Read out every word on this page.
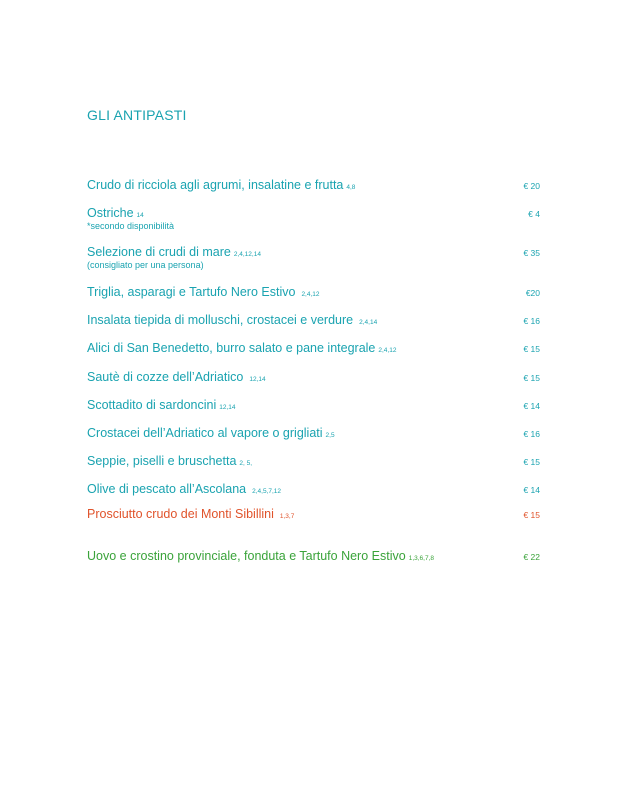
GLI ANTIPASTI
Crudo di ricciola agli agrumi, insalatine e frutta 4,8	€ 20
Ostriche 14	€ 4
*secondo disponibilità
Selezione di crudi di mare 2,4,12,14	€ 35
(consigliato per una persona)
Triglia, asparagi e Tartufo Nero Estivo 2,4,12	€20
Insalata tiepida di molluschi, crostacei e verdure 2,4,14	€ 16
Alici di San Benedetto, burro salato e pane integrale 2,4,12	€ 15
Sautè di cozze dell’Adriatico 12,14	€ 15
Scottadito di sardoncini 12,14	€ 14
Crostacei dell’Adriatico al vapore o grigliati 2,5	€ 16
Seppie, piselli e bruschetta 2, 5,	€ 15
Olive di pescato all’Ascolana 2,4,5,7,12	€ 14
Prosciutto crudo dei Monti Sibillini 1,3,7	€ 15
Uovo e crostino provinciale, fonduta e Tartufo Nero Estivo 1,3,6,7,8	€ 22
